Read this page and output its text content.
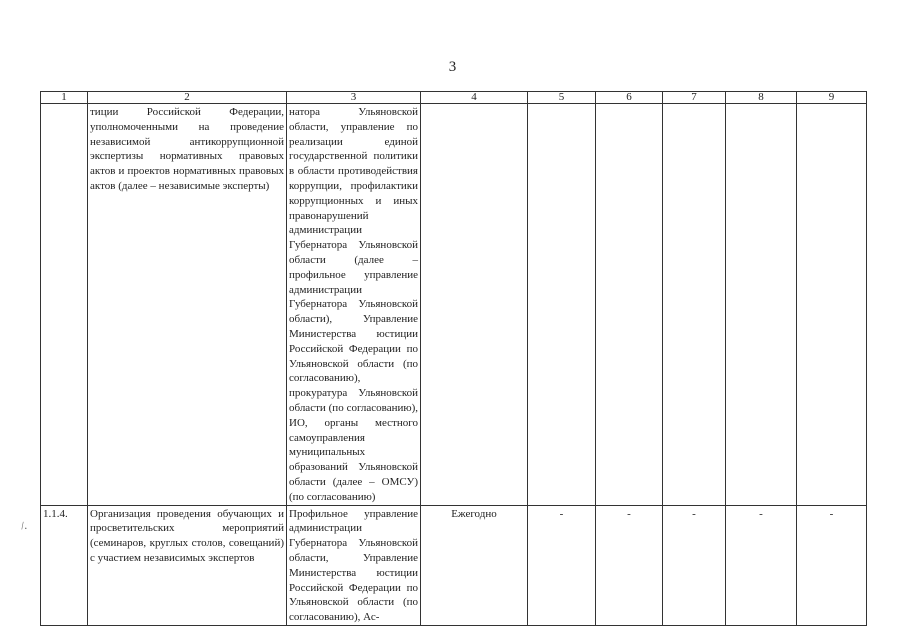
3
1	2	3	4	5	6	7	8	9
	тиции Российской Федерации, уполномоченными на проведение независимой антикоррупционной экспертизы нормативных правовых актов и проектов нормативных правовых актов (далее – независимые эксперты)	натора Ульяновской области, управление по реализации единой государственной политики в области противодействия коррупции, профилактики коррупционных и иных правонарушений администрации Губернатора Ульяновской области (далее – профильное управление администрации Губернатора Ульяновской области), Управление Министерства юстиции Российской Федерации по Ульяновской области (по согласованию), прокуратура Ульяновской области (по согласованию), ИО, органы местного самоуправления муниципальных образований Ульяновской области (далее – ОМСУ) (по согласованию)						
1.1.4.	Организация проведения обучающих и просветительских мероприятий (семинаров, круглых столов, совещаний) с участием независимых экспертов	Профильное управление администрации Губернатора Ульяновской области, Управление Министерства юстиции Российской Федерации по Ульяновской области (по согласованию), Ас-	Ежегодно	-	-	-	-	-
/.
